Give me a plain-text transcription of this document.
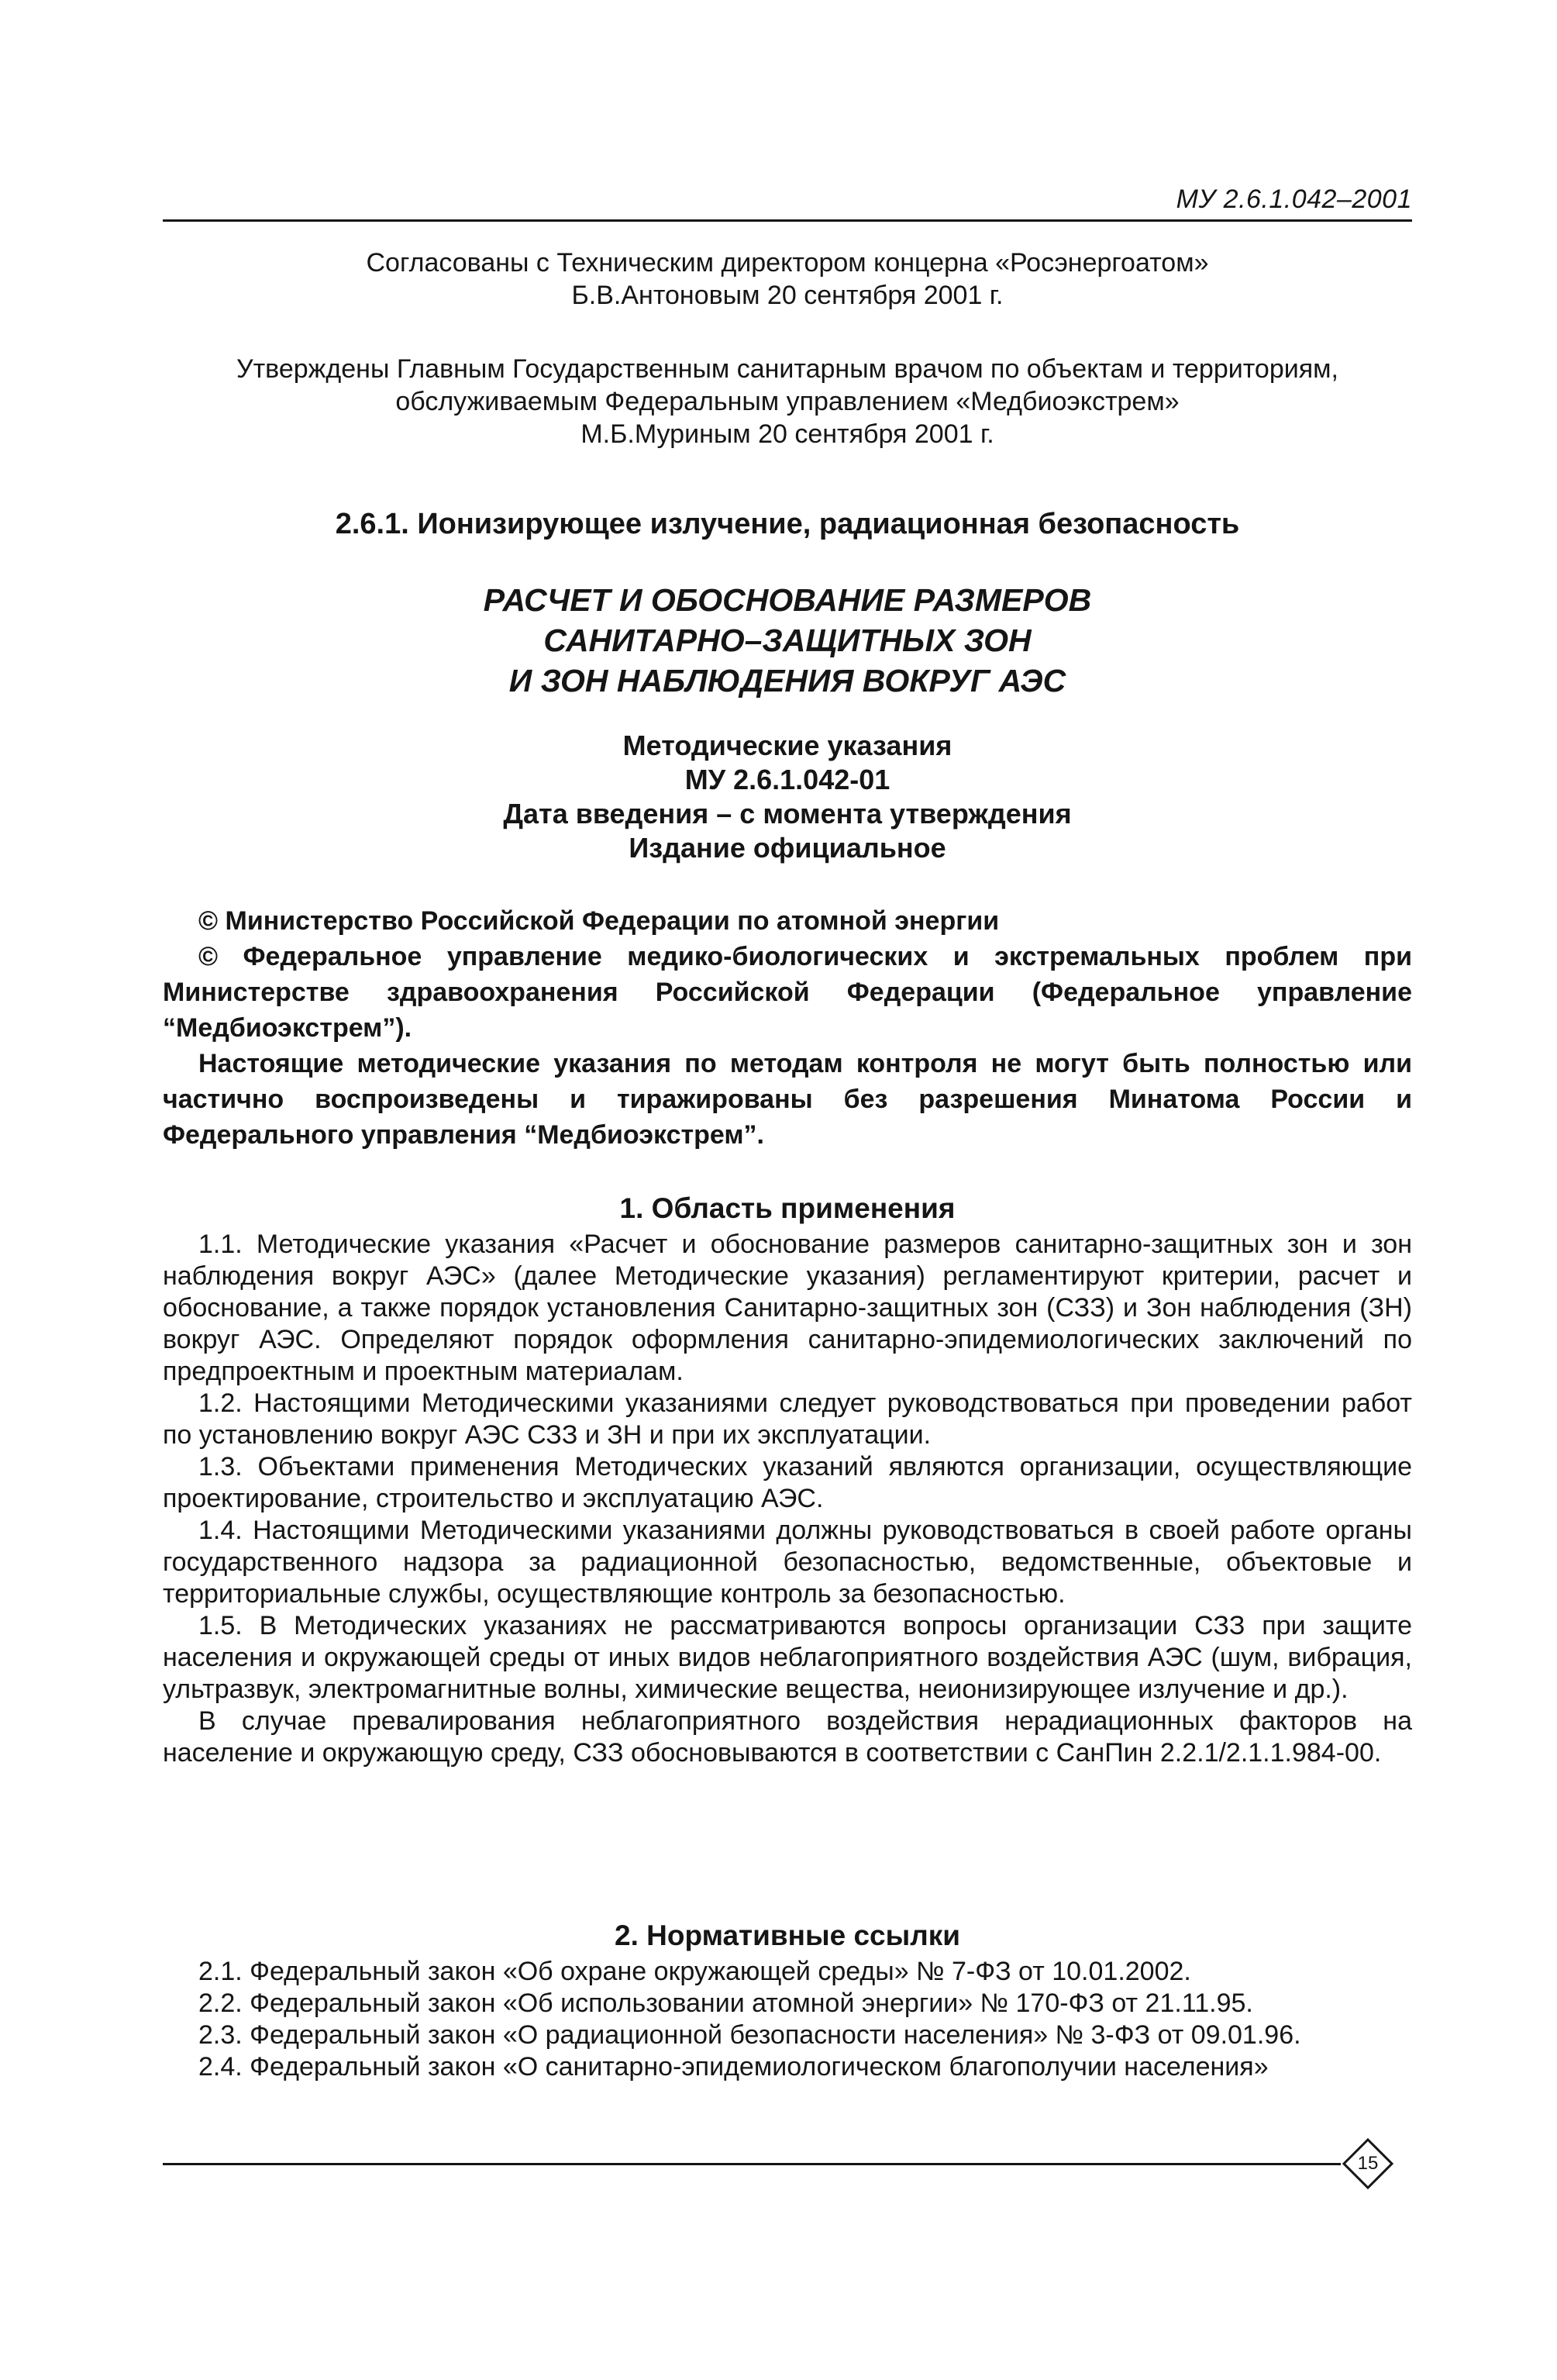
МУ 2.6.1.042–2001
Согласованы с Техническим директором концерна «Росэнергоатом»
Б.В.Антоновым 20 сентября 2001 г.
Утверждены Главным Государственным санитарным врачом по объектам и территориям,
обслуживаемым Федеральным управлением «Медбиоэкстрем»
М.Б.Муриным 20 сентября 2001 г.
2.6.1. Ионизирующее излучение, радиационная безопасность
РАСЧЕТ И ОБОСНОВАНИЕ РАЗМЕРОВ
САНИТАРНО–ЗАЩИТНЫХ ЗОН
И ЗОН НАБЛЮДЕНИЯ ВОКРУГ АЭС
Методические указания
МУ 2.6.1.042-01
Дата введения – с момента утверждения
Издание официальное

© Министерство Российской Федерации по атомной энергии

© Федеральное управление медико-биологических и экстремальных проблем при Министерстве здравоохранения Российской Федерации (Федеральное управление “Медбиоэкстрем”).

Настоящие методические указания по методам контроля не могут быть полностью или частично воспроизведены и тиражированы без разрешения Минатома России и Федерального управления “Медбиоэкстрем”.

1. Область применения

1.1. Методические указания «Расчет и обоснование размеров санитарно-защитных зон и зон наблюдения вокруг АЭС» (далее Методические указания) регламентируют критерии, расчет и обоснование, а также порядок установления Санитарно-защитных зон (СЗЗ) и Зон наблюдения (ЗН) вокруг АЭС. Определяют порядок оформления санитарно-эпидемиологических заключений по предпроектным и проектным материалам.

1.2. Настоящими Методическими указаниями следует руководствоваться при проведении работ по установлению вокруг АЭС СЗЗ и ЗН и при их эксплуатации.

1.3. Объектами применения Методических указаний являются организации, осуществляющие проектирование, строительство и эксплуатацию АЭС.

1.4. Настоящими Методическими указаниями должны руководствоваться в своей работе органы государственного надзора за радиационной безопасностью, ведомственные, объектовые и территориальные службы, осуществляющие контроль за безопасностью.

1.5. В Методических указаниях не рассматриваются вопросы организации СЗЗ при защите населения и окружающей среды от иных видов неблагоприятного воздействия АЭС (шум, вибрация, ультразвук, электромагнитные волны, химические вещества, неионизирующее излучение и др.).

В случае превалирования неблагоприятного воздействия нерадиационных факторов на население и окружающую среду, СЗЗ обосновываются в соответствии с СанПин 2.2.1/2.1.1.984-00.

2. Нормативные ссылки

2.1. Федеральный закон «Об охране окружающей среды» № 7-ФЗ от 10.01.2002.

2.2. Федеральный закон «Об использовании атомной энергии» № 170-ФЗ от 21.11.95.

2.3. Федеральный закон «О радиационной безопасности населения» № 3-ФЗ от 09.01.96.

2.4. Федеральный закон «О санитарно-эпидемиологическом благополучии населения»

15
